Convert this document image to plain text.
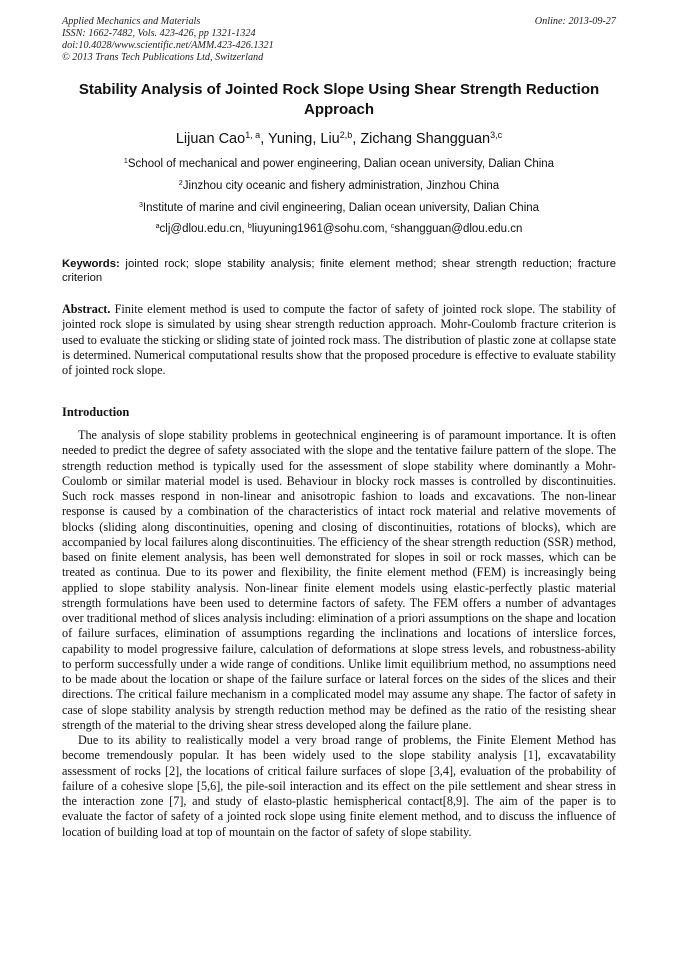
Applied Mechanics and Materials
ISSN: 1662-7482, Vols. 423-426, pp 1321-1324
doi:10.4028/www.scientific.net/AMM.423-426.1321
© 2013 Trans Tech Publications Ltd, Switzerland
Online: 2013-09-27
Stability Analysis of Jointed Rock Slope Using Shear Strength Reduction Approach
Lijuan Cao$^{1, a}$, Yuning, Liu$^{2,b}$, Zichang Shangguan$^{3,c}$
$^1$School of mechanical and power engineering, Dalian ocean university, Dalian China
$^2$Jinzhou city oceanic and fishery administration, Jinzhou China
$^3$Institute of marine and civil engineering, Dalian ocean university, Dalian China
$^a$clj@dlou.edu.cn, $^b$liuyuning1961@sohu.com, $^c$shangguan@dlou.edu.cn
Keywords: jointed rock; slope stability analysis; finite element method; shear strength reduction; fracture criterion
Abstract. Finite element method is used to compute the factor of safety of jointed rock slope. The stability of jointed rock slope is simulated by using shear strength reduction approach. Mohr-Coulomb fracture criterion is used to evaluate the sticking or sliding state of jointed rock mass. The distribution of plastic zone at collapse state is determined. Numerical computational results show that the proposed procedure is effective to evaluate stability of jointed rock slope.
Introduction

The analysis of slope stability problems in geotechnical engineering is of paramount importance. It is often needed to predict the degree of safety associated with the slope and the tentative failure pattern of the slope. The strength reduction method is typically used for the assessment of slope stability where dominantly a Mohr-Coulomb or similar material model is used. Behaviour in blocky rock masses is controlled by discontinuities. Such rock masses respond in non-linear and anisotropic fashion to loads and excavations. The non-linear response is caused by a combination of the characteristics of intact rock material and relative movements of blocks (sliding along discontinuities, opening and closing of discontinuities, rotations of blocks), which are accompanied by local failures along discontinuities. The efficiency of the shear strength reduction (SSR) method, based on finite element analysis, has been well demonstrated for slopes in soil or rock masses, which can be treated as continua. Due to its power and flexibility, the finite element method (FEM) is increasingly being applied to slope stability analysis. Non-linear finite element models using elastic-perfectly plastic material strength formulations have been used to determine factors of safety. The FEM offers a number of advantages over traditional method of slices analysis including: elimination of a priori assumptions on the shape and location of failure surfaces, elimination of assumptions regarding the inclinations and locations of interslice forces, capability to model progressive failure, calculation of deformations at slope stress levels, and robustness-ability to perform successfully under a wide range of conditions. Unlike limit equilibrium method, no assumptions need to be made about the location or shape of the failure surface or lateral forces on the sides of the slices and their directions. The critical failure mechanism in a complicated model may assume any shape. The factor of safety in case of slope stability analysis by strength reduction method may be defined as the ratio of the resisting shear strength of the material to the driving shear stress developed along the failure plane.

Due to its ability to realistically model a very broad range of problems, the Finite Element Method has become tremendously popular. It has been widely used to the slope stability analysis [1], excavatability assessment of rocks [2], the locations of critical failure surfaces of slope [3,4], evaluation of the probability of failure of a cohesive slope [5,6], the pile-soil interaction and its effect on the pile settlement and shear stress in the interaction zone [7], and study of elasto-plastic hemispherical contact[8,9]. The aim of the paper is to evaluate the factor of safety of a jointed rock slope using finite element method, and to discuss the influence of location of building load at top of mountain on the factor of safety of slope stability.
